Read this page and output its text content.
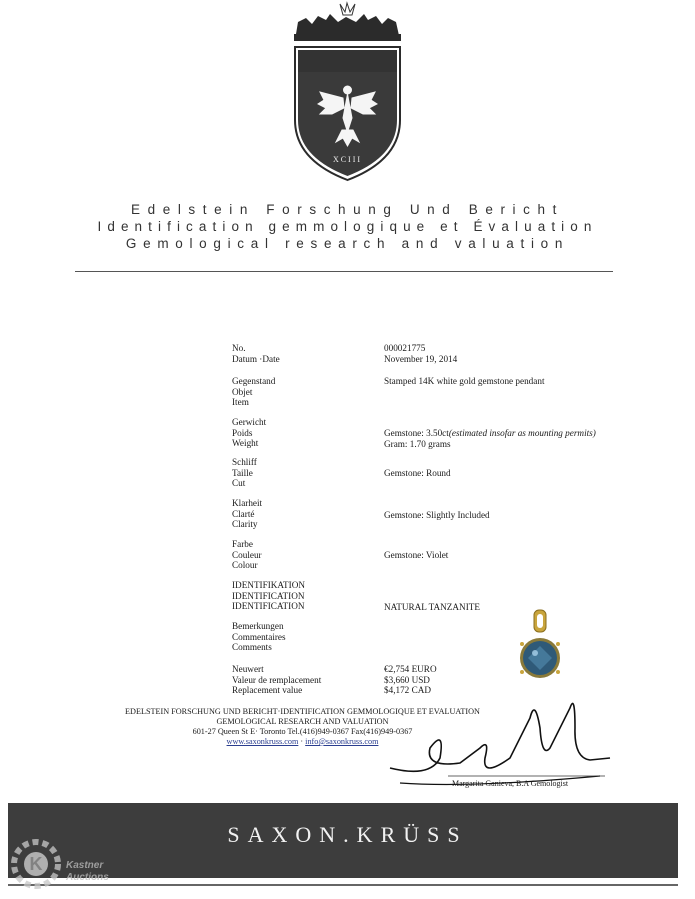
XCIII
Edelstein Forschung Und Bericht
Identification gemmologique et Évaluation
Gemological research and valuation
No.
Datum ·Date
000021775
November 19, 2014
Gegenstand
Objet
Item
Stamped 14K white gold gemstone pendant
Gerwicht
Poids
Weight
Gemstone: 3.50ct(estimated insofar as mounting permits)
Gram: 1.70 grams
Schliff
Taille
Cut
Gemstone: Round
Klarheit
Clarté
Clarity
Gemstone: Slightly Included
Farbe
Couleur
Colour
Gemstone: Violet
IDENTIFIKATION
IDENTIFICATION
IDENTIFICATION	NATURAL TANZANITE
Bemerkungen
Commentaires
Comments
Neuwert
Valeur de remplacement
Replacement value
€2,754 EURO
$3,660 USD
$4,172 CAD
EDELSTEIN FORSCHUNG UND BERICHT·IDENTIFICATION GEMMOLOGIQUE ET EVALUATION
GEMOLOGICAL RESEARCH AND VALUATION
601-27 Queen St E· Toronto Tel.(416)949-0367 Fax(416)949-0367
www.saxonkruss.com · info@saxonkruss.com
Margarita Ganieva, B.A Gemologist
SAXON.KRÜSS
K Kastner
Auctions
